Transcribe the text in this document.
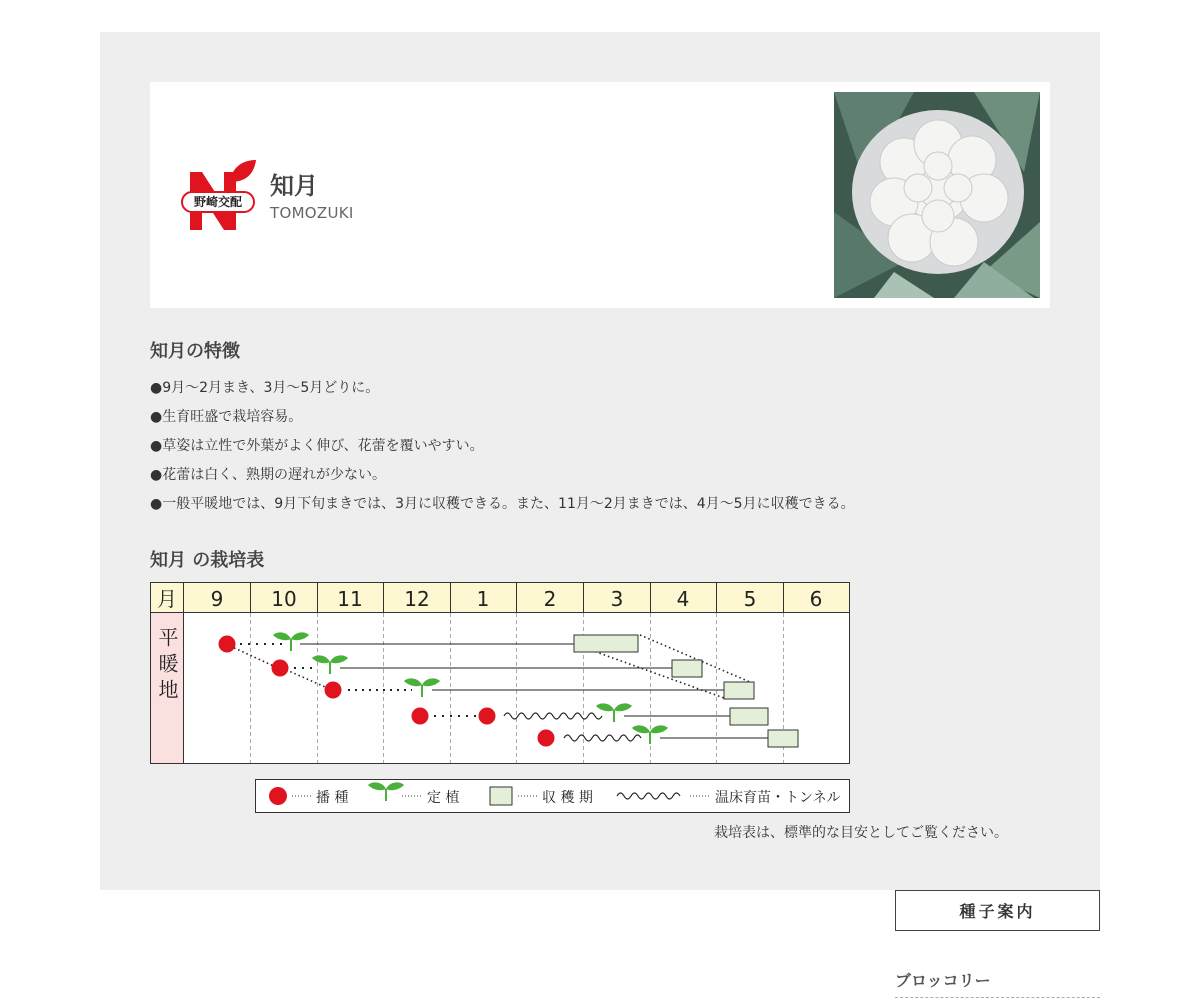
野崎交配
知月
TOMOZUKI
知月の特徴
● 9月〜2月まき、3月〜5月どりに。
● 生育旺盛で栽培容易。
● 草姿は立性で外葉がよく伸び、花蕾を覆いやすい。
● 花蕾は白く、熟期の遅れが少ない。
● 一般平暖地では、9月下旬まきでは、3月に収穫できる。また、11月〜2月まきでは、4月〜5月に収穫できる。
知月 の栽培表
月 9 10 11 12 1	2	3	4	5	6
平暖地
播 種	定 植	収 穫 期	温床育苗・トンネル
栽培表は、標準的な目安としてご覧ください。
種子案内
ブロッコリー
